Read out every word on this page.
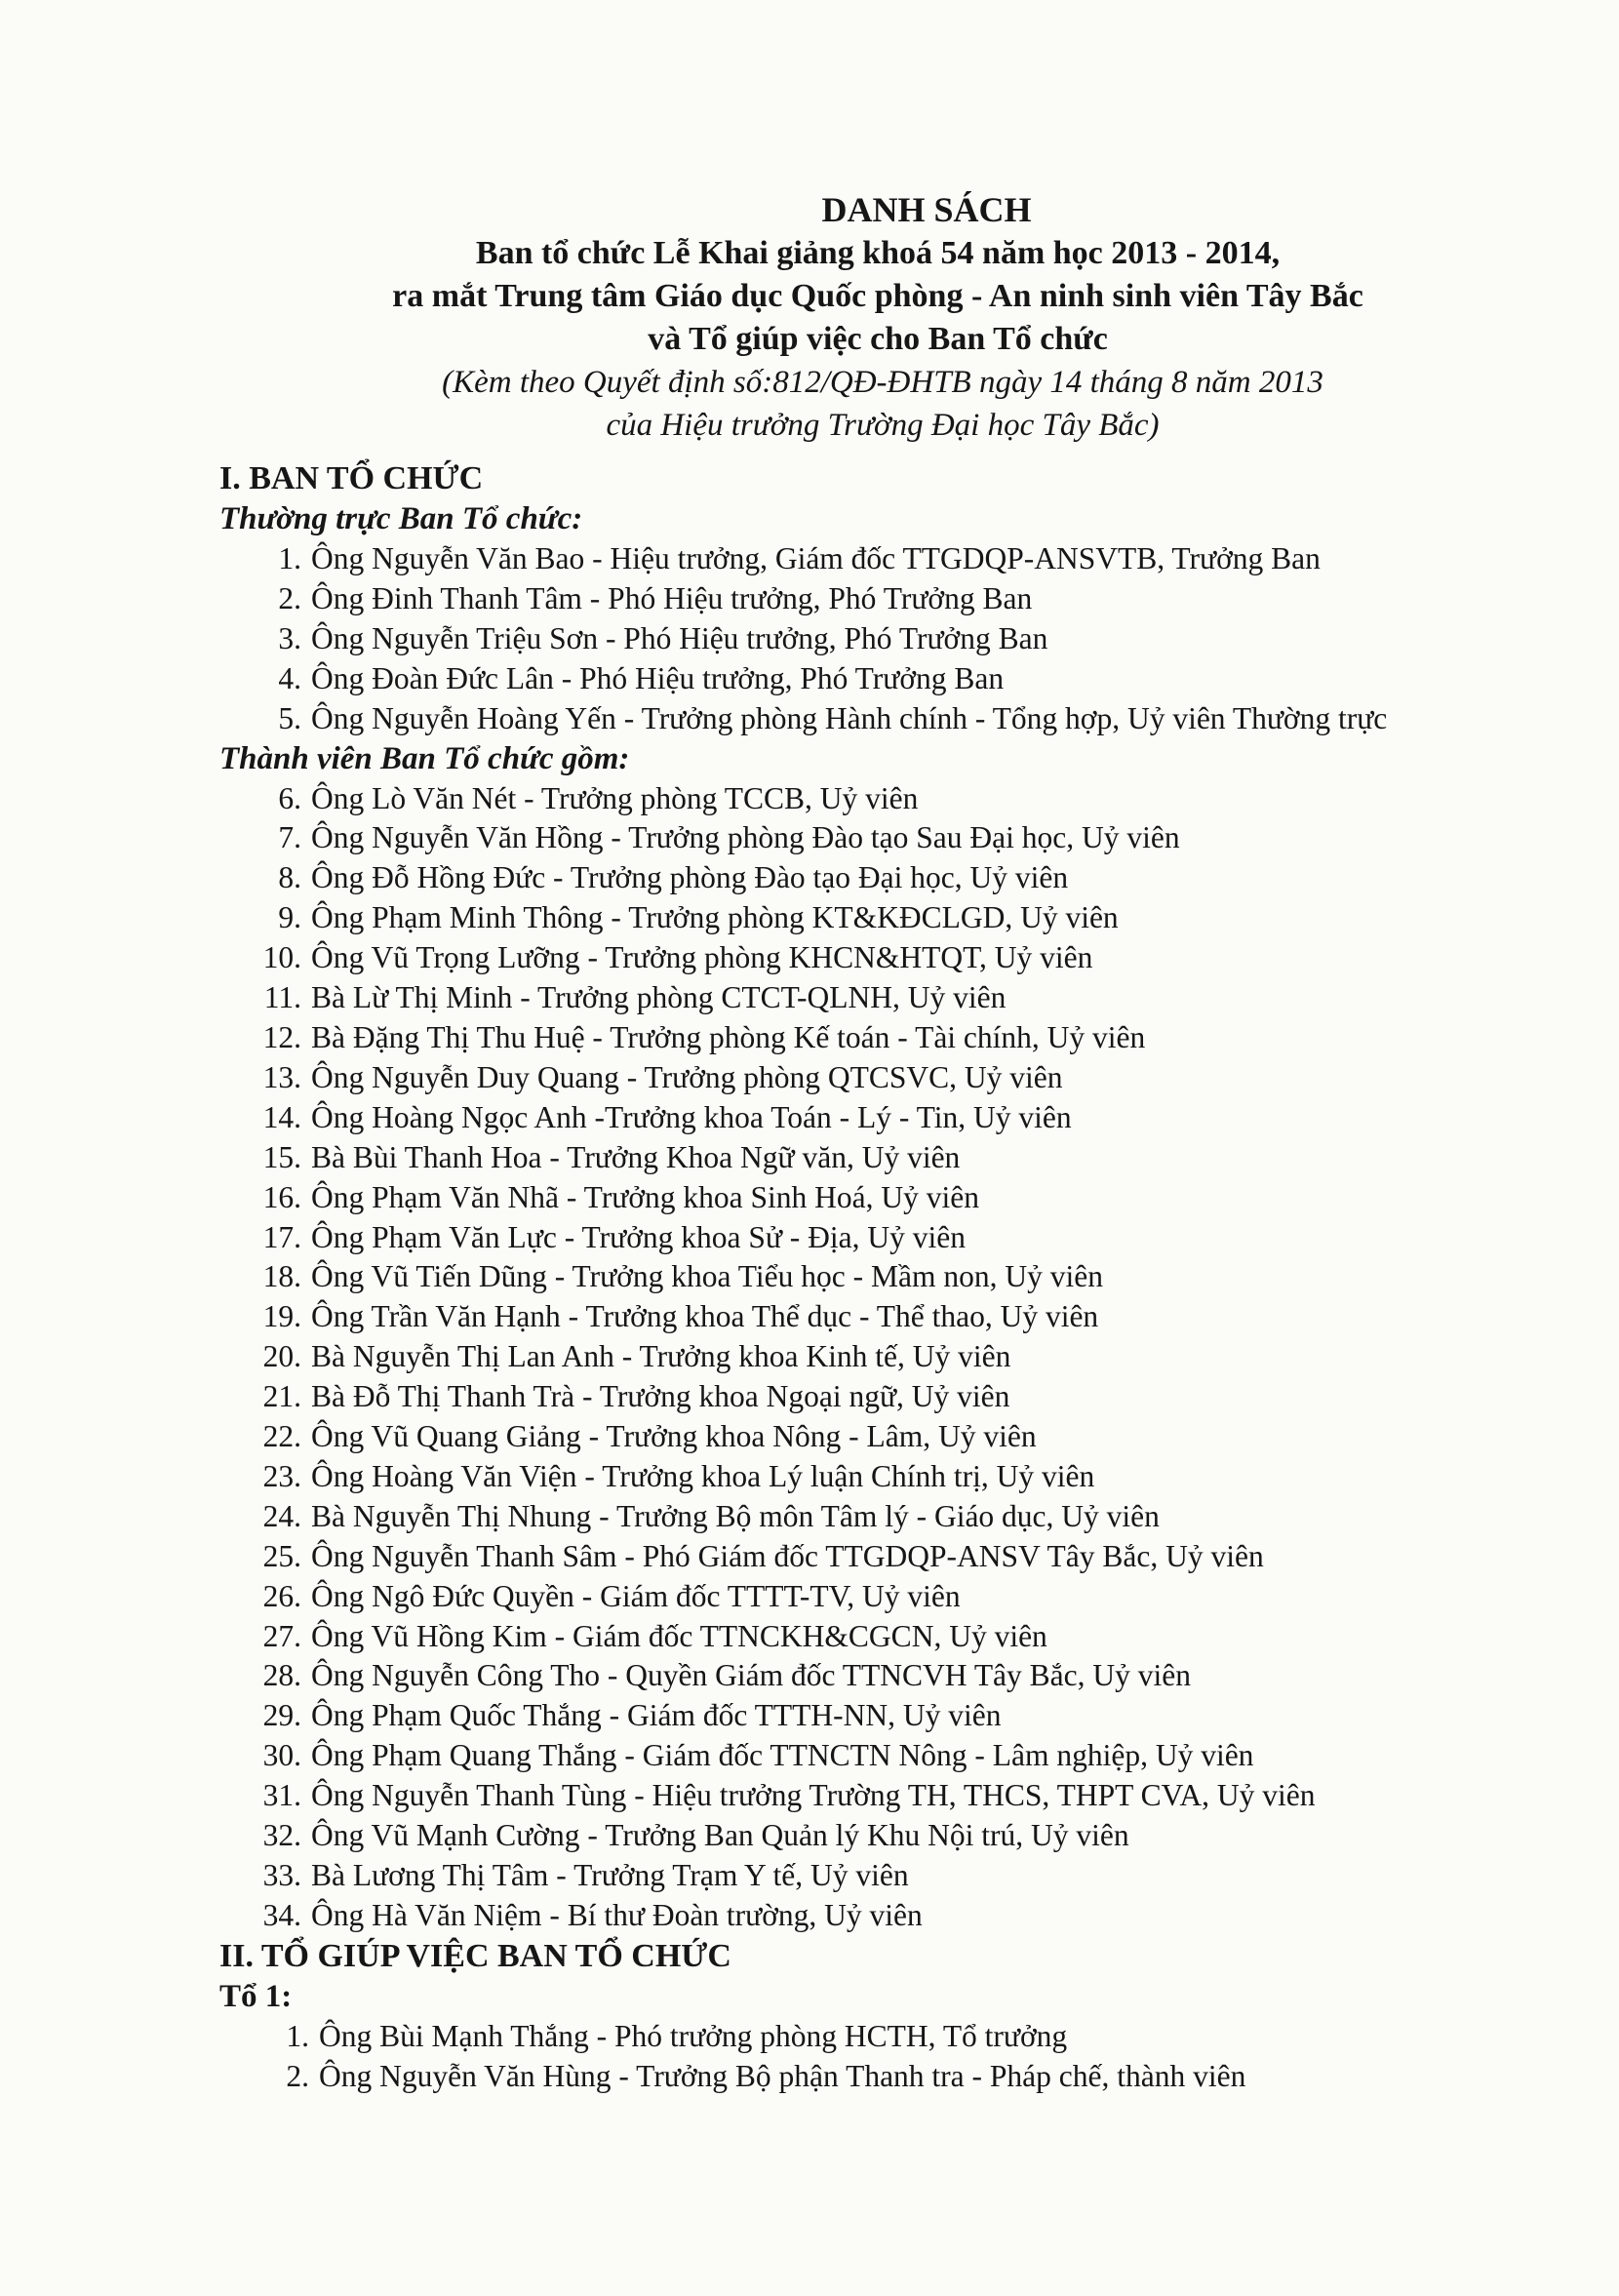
DANH SÁCH
Ban tổ chức Lễ Khai giảng khoá 54 năm học 2013 - 2014,
ra mắt Trung tâm Giáo dục Quốc phòng - An ninh sinh viên Tây Bắc
và Tổ giúp việc cho Ban Tổ chức
(Kèm theo Quyết định số:812/QĐ-ĐHTB ngày 14 tháng 8 năm 2013
của Hiệu trưởng Trường Đại học Tây Bắc)
I. BAN TỔ CHỨC
Thường trực Ban Tổ chức:
1. Ông Nguyễn Văn Bao - Hiệu trưởng, Giám đốc TTGDQP-ANSVTB, Trưởng Ban
2. Ông Đinh Thanh Tâm - Phó Hiệu trưởng, Phó Trưởng Ban
3. Ông Nguyễn Triệu Sơn - Phó Hiệu trưởng, Phó Trưởng Ban
4. Ông Đoàn Đức Lân - Phó Hiệu trưởng, Phó Trưởng Ban
5. Ông Nguyễn Hoàng Yến - Trưởng phòng Hành chính - Tổng hợp, Uỷ viên Thường trực
Thành viên Ban Tổ chức gồm:
6. Ông Lò Văn Nét - Trưởng phòng TCCB, Uỷ viên
7. Ông Nguyễn Văn Hồng - Trưởng phòng Đào tạo Sau Đại học, Uỷ viên
8. Ông Đỗ Hồng Đức - Trưởng phòng Đào tạo Đại học, Uỷ viên
9. Ông Phạm Minh Thông - Trưởng phòng KT&KĐCLGD, Uỷ viên
10. Ông Vũ Trọng Lưỡng - Trưởng phòng KHCN&HTQT, Uỷ viên
11. Bà Lừ Thị Minh - Trưởng phòng CTCT-QLNH, Uỷ viên
12. Bà Đặng Thị Thu Huệ - Trưởng phòng Kế toán - Tài chính, Uỷ viên
13. Ông Nguyễn Duy Quang - Trưởng phòng QTCSVC, Uỷ viên
14. Ông Hoàng Ngọc Anh -Trưởng khoa Toán - Lý - Tin, Uỷ viên
15. Bà Bùi Thanh Hoa - Trưởng Khoa Ngữ văn, Uỷ viên
16. Ông Phạm Văn Nhã - Trưởng khoa Sinh Hoá, Uỷ viên
17. Ông Phạm Văn Lực - Trưởng khoa Sử - Địa, Uỷ viên
18. Ông Vũ Tiến Dũng - Trưởng khoa Tiểu học - Mầm non, Uỷ viên
19. Ông Trần Văn Hạnh - Trưởng khoa Thể dục - Thể thao, Uỷ viên
20. Bà Nguyễn Thị Lan Anh - Trưởng khoa Kinh tế, Uỷ viên
21. Bà Đỗ Thị Thanh Trà - Trưởng khoa Ngoại ngữ, Uỷ viên
22. Ông Vũ Quang Giảng - Trưởng khoa Nông - Lâm, Uỷ viên
23. Ông Hoàng Văn Viện - Trưởng khoa Lý luận Chính trị, Uỷ viên
24. Bà Nguyễn Thị Nhung - Trưởng Bộ môn Tâm lý - Giáo dục, Uỷ viên
25. Ông Nguyễn Thanh Sâm - Phó Giám đốc TTGDQP-ANSV Tây Bắc, Uỷ viên
26. Ông Ngô Đức Quyền - Giám đốc TTTT-TV, Uỷ viên
27. Ông Vũ Hồng Kim - Giám đốc TTNCKH&CGCN, Uỷ viên
28. Ông Nguyễn Công Tho - Quyền Giám đốc TTNCVH Tây Bắc, Uỷ viên
29. Ông Phạm Quốc Thắng - Giám đốc TTTH-NN, Uỷ viên
30. Ông Phạm Quang Thắng - Giám đốc TTNCTN Nông - Lâm nghiệp, Uỷ viên
31. Ông Nguyễn Thanh Tùng - Hiệu trưởng Trường TH, THCS, THPT CVA, Uỷ viên
32. Ông Vũ Mạnh Cường - Trưởng Ban Quản lý Khu Nội trú, Uỷ viên
33. Bà Lương Thị Tâm - Trưởng Trạm Y tế, Uỷ viên
34. Ông Hà Văn Niệm - Bí thư Đoàn trường, Uỷ viên
II. TỔ GIÚP VIỆC BAN TỔ CHỨC
Tổ 1:
1. Ông Bùi Mạnh Thắng - Phó trưởng phòng HCTH, Tổ trưởng
2. Ông Nguyễn Văn Hùng - Trưởng Bộ phận Thanh tra - Pháp chế, thành viên
